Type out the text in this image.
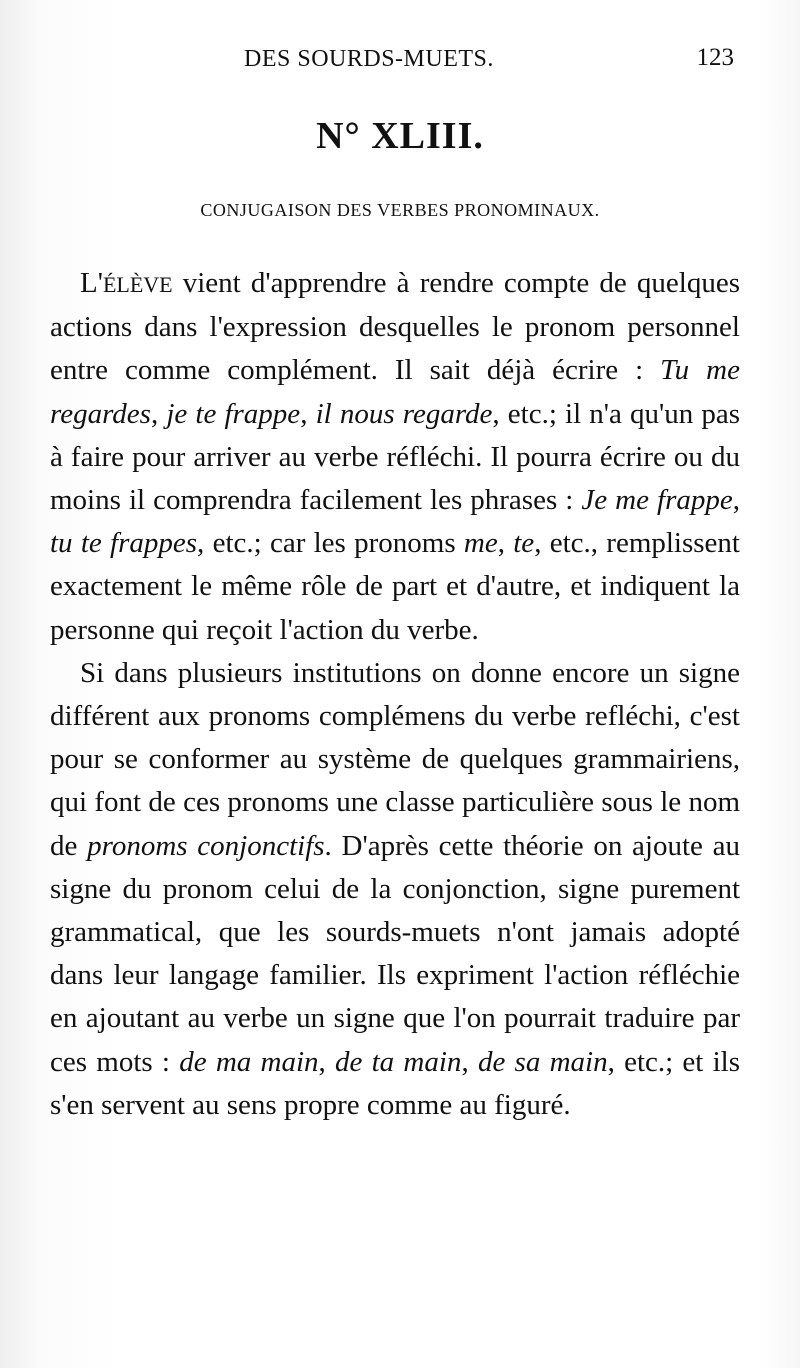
DES SOURDS-MUETS.	123
N° XLIII.
CONJUGAISON DES VERBES PRONOMINAUX.

L'ÉLÈVE vient d'apprendre à rendre compte de quelques actions dans l'expression desquelles le pronom personnel entre comme complément. Il sait déjà écrire : Tu me regardes, je te frappe, il nous regarde, etc.; il n'a qu'un pas à faire pour arriver au verbe réfléchi. Il pourra écrire ou du moins il comprendra facilement les phrases : Je me frappe, tu te frappes, etc.; car les pronoms me, te, etc., remplissent exactement le même rôle de part et d'autre, et indiquent la personne qui reçoit l'action du verbe.

Si dans plusieurs institutions on donne encore un signe différent aux pronoms complémens du verbe refléchi, c'est pour se conformer au système de quelques grammairiens, qui font de ces pronoms une classe particulière sous le nom de pronoms conjonctifs. D'après cette théorie on ajoute au signe du pronom celui de la conjonction, signe purement grammatical, que les sourds-muets n'ont jamais adopté dans leur langage familier. Ils expriment l'action réfléchie en ajoutant au verbe un signe que l'on pourrait traduire par ces mots : de ma main, de ta main, de sa main, etc.; et ils s'en servent au sens propre comme au figuré.
